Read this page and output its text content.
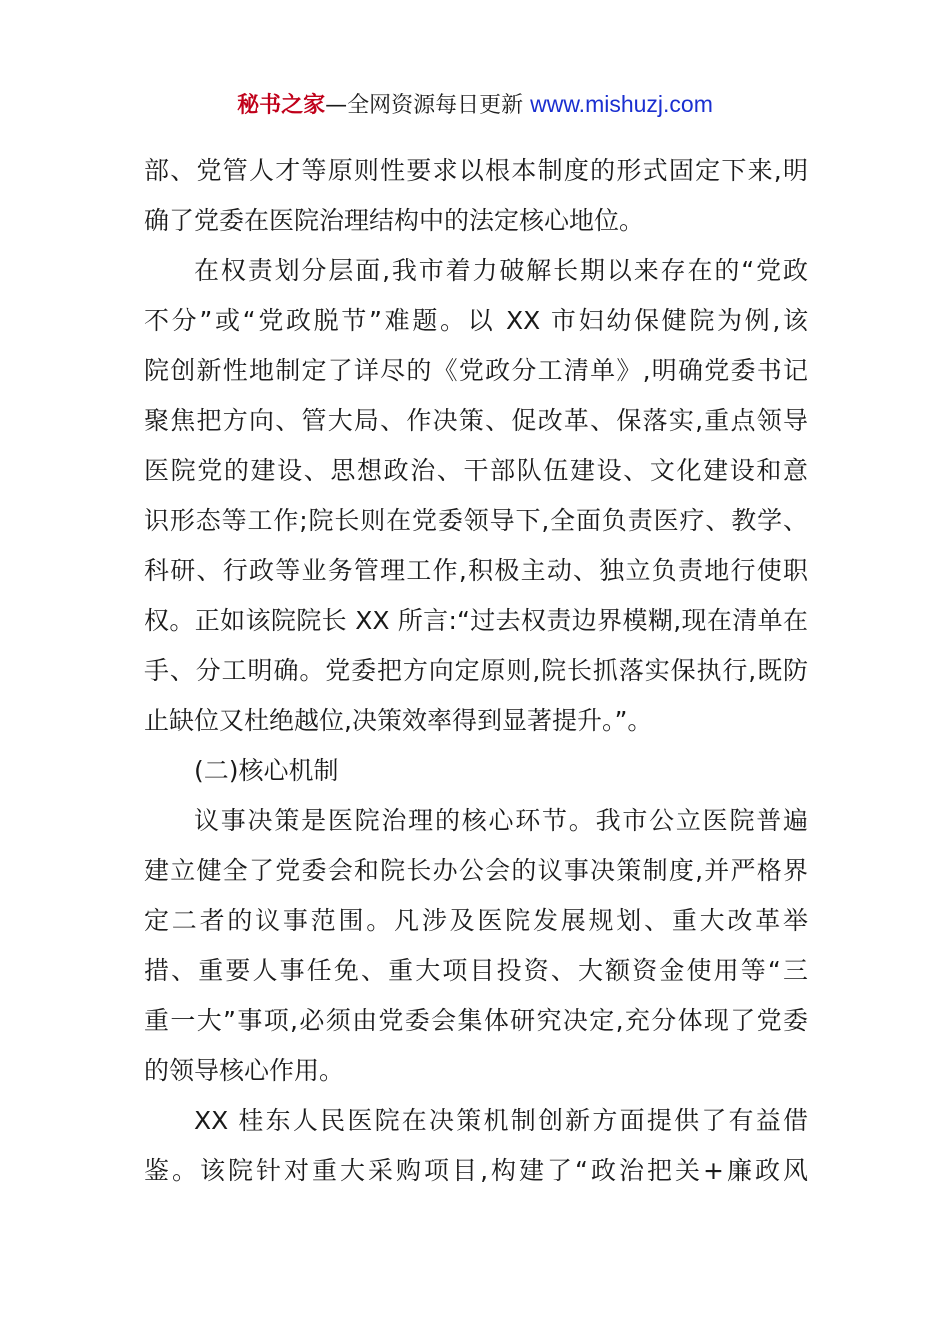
秘书之家—全网资源每日更新 www.mishuzj.com
部、党管人才等原则性要求以根本制度的形式固定下来,明
确了党委在医院治理结构中的法定核心地位。
在权责划分层面,我市着力破解长期以来存在的“党政
不分”或“党政脱节”难题。以 XX 市妇幼保健院为例,该
院创新性地制定了详尽的《党政分工清单》,明确党委书记
聚焦把方向、管大局、作决策、促改革、保落实,重点领导
医院党的建设、思想政治、干部队伍建设、文化建设和意
识形态等工作;院长则在党委领导下,全面负责医疗、教学、
科研、行政等业务管理工作,积极主动、独立负责地行使职
权。正如该院院长 XX 所言:“过去权责边界模糊,现在清单在
手、分工明确。党委把方向定原则,院长抓落实保执行,既防
止缺位又杜绝越位,决策效率得到显著提升。”。
(二)核心机制
议事决策是医院治理的核心环节。我市公立医院普遍
建立健全了党委会和院长办公会的议事决策制度,并严格界
定二者的议事范围。凡涉及医院发展规划、重大改革举
措、重要人事任免、重大项目投资、大额资金使用等“三
重一大”事项,必须由党委会集体研究决定,充分体现了党委
的领导核心作用。
XX 桂东人民医院在决策机制创新方面提供了有益借
鉴。该院针对重大采购项目,构建了“政治把关+廉政风
